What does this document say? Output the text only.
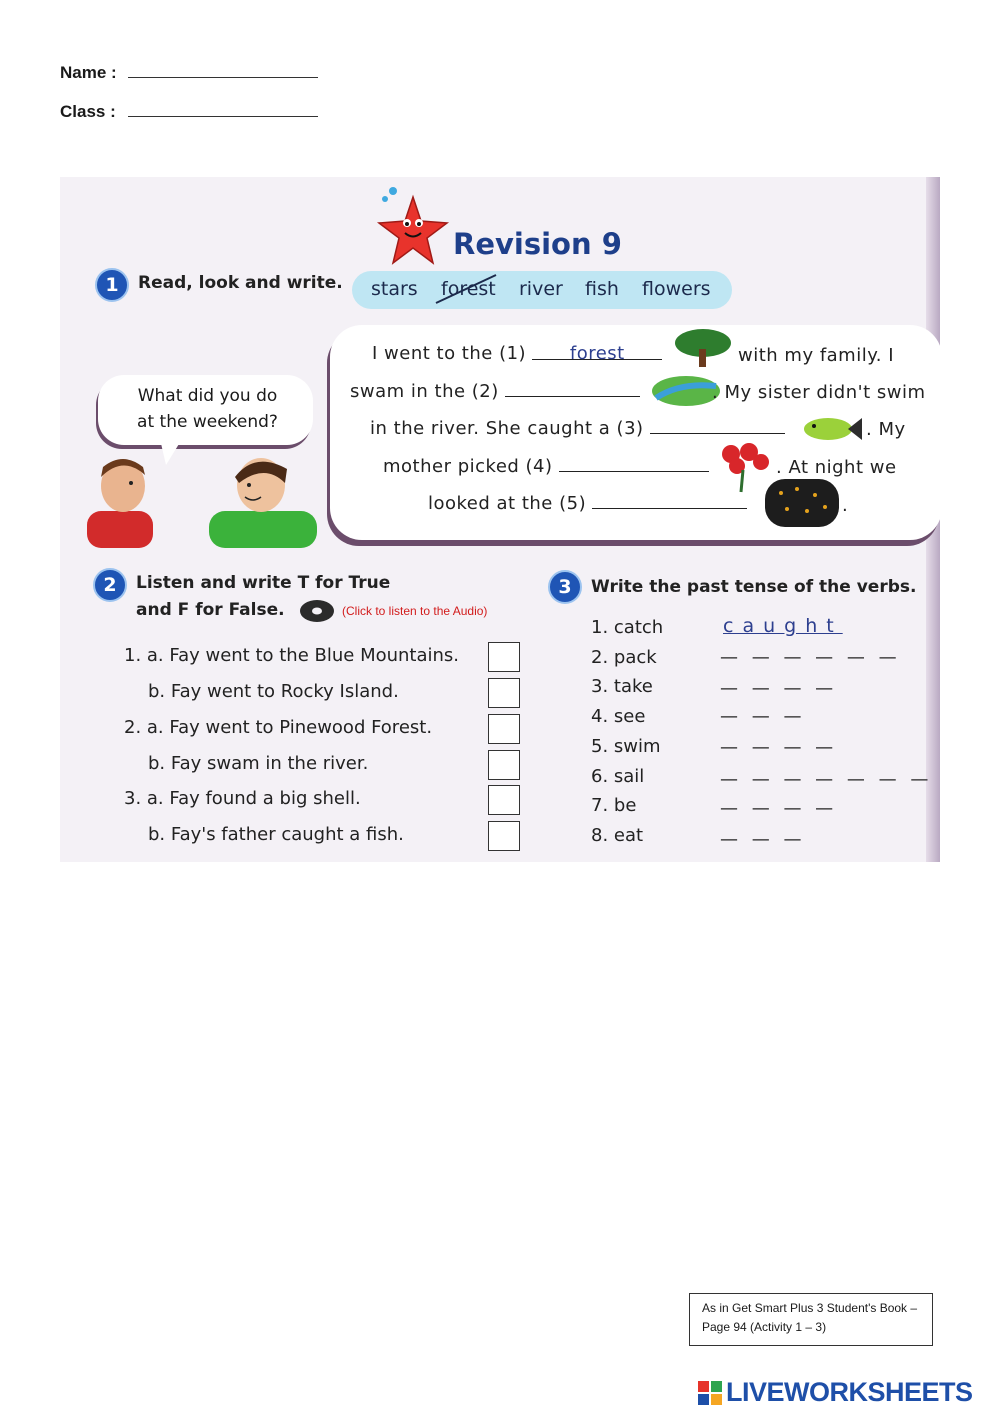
Name :
Class :
Revision 9
1	Read, look and write. stars forest river fish flowers
What did you do
at the weekend?
I went to the (1) forest	with my family. I
swam in the (2)	. My sister didn't swim
in the river. She caught a (3)	. My
mother picked (4)	. At night we
looked at the (5)	.
2	Listen and write T for True
and F for False.	(Click to listen to the Audio)
1. a. Fay went to the Blue Mountains.
b. Fay went to Rocky Island.
2. a. Fay went to Pinewood Forest.
b. Fay swam in the river.
3. a. Fay found a big shell.
b. Fay's father caught a fish.
3	Write the past tense of the verbs.
1. catch	caught
2. pack	— — — — — —
3. take	— — — —
4. see	— — —
5. swim	— — — —
6. sail	— — — — — — —
7. be	— — — —
8. eat	— — —
As in Get Smart Plus 3 Student's Book –
Page 94 (Activity 1 – 3)
LIVEWORKSHEETS
